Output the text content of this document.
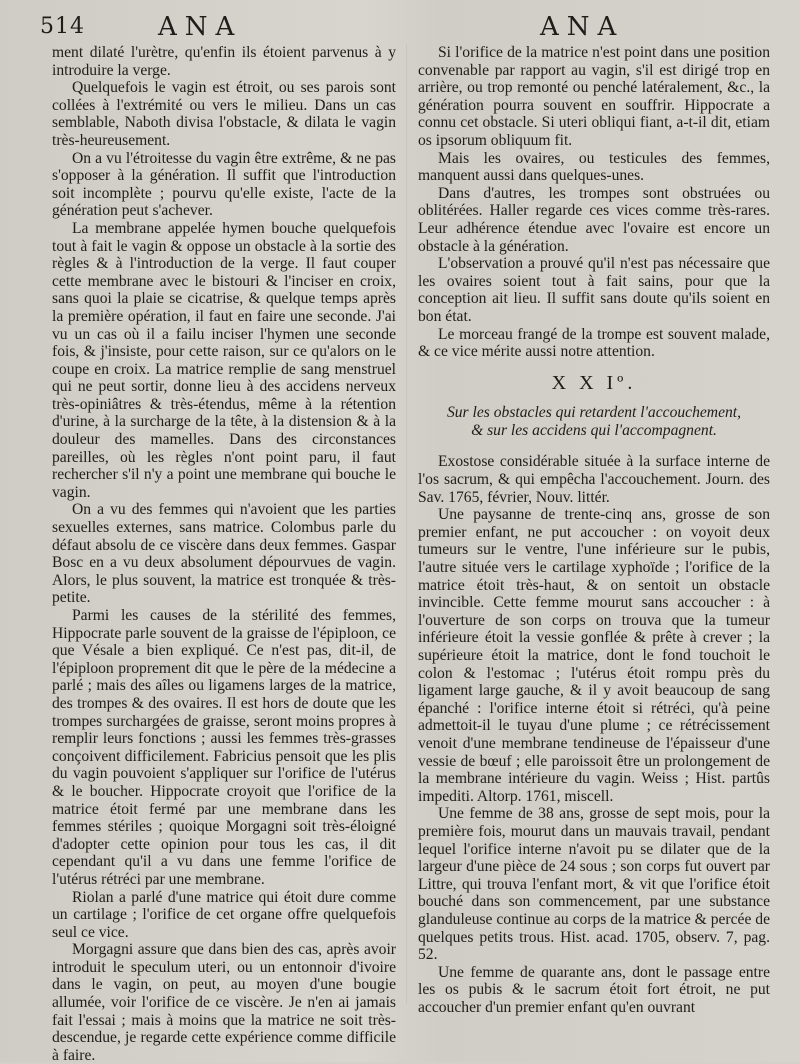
514	ANA	ANA

ment dilaté l'urètre, qu'enfin ils étoient parvenus à y introduire la verge.

Quelquefois le vagin est étroit, ou ses parois sont collées à l'extrémité ou vers le milieu. Dans un cas semblable, Naboth divisa l'obstacle, & dilata le vagin très-heureusement.

On a vu l'étroitesse du vagin être extrême, & ne pas s'opposer à la génération. Il suffit que l'introduction soit incomplète ; pourvu qu'elle existe, l'acte de la génération peut s'achever.

La membrane appelée hymen bouche quelquefois tout à fait le vagin & oppose un obstacle à la sortie des règles & à l'introduction de la verge. Il faut couper cette membrane avec le bistouri & l'inciser en croix, sans quoi la plaie se cicatrise, & quelque temps après la première opération, il faut en faire une seconde. J'ai vu un cas où il a failu inciser l'hymen une seconde fois, & j'insiste, pour cette raison, sur ce qu'alors on le coupe en croix. La matrice remplie de sang menstruel qui ne peut sortir, donne lieu à des accidens nerveux très-opiniâtres & très-étendus, même à la rétention d'urine, à la surcharge de la tête, à la distension & à la douleur des mamelles. Dans des circonstances pareilles, où les règles n'ont point paru, il faut rechercher s'il n'y a point une membrane qui bouche le vagin.

On a vu des femmes qui n'avoient que les parties sexuelles externes, sans matrice. Colombus parle du défaut absolu de ce viscère dans deux femmes. Gaspar Bosc en a vu deux absolument dépourvues de vagin. Alors, le plus souvent, la matrice est tronquée & très-petite.

Parmi les causes de la stérilité des femmes, Hippocrate parle souvent de la graisse de l'épiploon, ce que Vésale a bien expliqué. Ce n'est pas, dit-il, de l'épiploon proprement dit que le père de la médecine a parlé ; mais des aîles ou ligamens larges de la matrice, des trompes & des ovaires. Il est hors de doute que les trompes surchargées de graisse, seront moins propres à remplir leurs fonctions ; aussi les femmes très-grasses conçoivent difficilement. Fabricius pensoit que les plis du vagin pouvoient s'appliquer sur l'orifice de l'utérus & le boucher. Hippocrate croyoit que l'orifice de la matrice étoit fermé par une membrane dans les femmes stériles ; quoique Morgagni soit très-éloigné d'adopter cette opinion pour tous les cas, il dit cependant qu'il a vu dans une femme l'orifice de l'utérus rétréci par une membrane.

Riolan a parlé d'une matrice qui étoit dure comme un cartilage ; l'orifice de cet organe offre quelquefois seul ce vice.

Morgagni assure que dans bien des cas, après avoir introduit le speculum uteri, ou un entonnoir d'ivoire dans le vagin, on peut, au moyen d'une bougie allumée, voir l'orifice de ce viscère. Je n'en ai jamais fait l'essai ; mais à moins que la matrice ne soit très-descendue, je regarde cette expérience comme difficile à faire.

Si l'orifice de la matrice n'est point dans une position convenable par rapport au vagin, s'il est dirigé trop en arrière, ou trop remonté ou penché latéralement, &c., la génération pourra souvent en souffrir. Hippocrate a connu cet obstacle. Si uteri obliqui fiant, a-t-il dit, etiam os ipsorum obliquum fit.

Mais les ovaires, ou testicules des femmes, manquent aussi dans quelques-unes.

Dans d'autres, les trompes sont obstruées ou oblitérées. Haller regarde ces vices comme très-rares. Leur adhérence étendue avec l'ovaire est encore un obstacle à la génération.

L'observation a prouvé qu'il n'est pas nécessaire que les ovaires soient tout à fait sains, pour que la conception ait lieu. Il suffit sans doute qu'ils soient en bon état.

Le morceau frangé de la trompe est souvent malade, & ce vice mérite aussi notre attention.

X X Iº.
Sur les obstacles qui retardent l'accouchement,
& sur les accidens qui l'accompagnent.

Exostose considérable située à la surface interne de l'os sacrum, & qui empêcha l'accouchement. Journ. des Sav. 1765, février, Nouv. littér.

Une paysanne de trente-cinq ans, grosse de son premier enfant, ne put accoucher : on voyoit deux tumeurs sur le ventre, l'une inférieure sur le pubis, l'autre située vers le cartilage xyphoïde ; l'orifice de la matrice étoit très-haut, & on sentoit un obstacle invincible. Cette femme mourut sans accoucher : à l'ouverture de son corps on trouva que la tumeur inférieure étoit la vessie gonflée & prête à crever ; la supérieure étoit la matrice, dont le fond touchoit le colon & l'estomac ; l'utérus étoit rompu près du ligament large gauche, & il y avoit beaucoup de sang épanché : l'orifice interne étoit si rétréci, qu'à peine admettoit-il le tuyau d'une plume ; ce rétrécissement venoit d'une membrane tendineuse de l'épaisseur d'une vessie de bœuf ; elle paroissoit être un prolongement de la membrane intérieure du vagin. Weiss ; Hist. partûs impediti. Altorp. 1761, miscell.

Une femme de 38 ans, grosse de sept mois, pour la première fois, mourut dans un mauvais travail, pendant lequel l'orifice interne n'avoit pu se dilater que de la largeur d'une pièce de 24 sous ; son corps fut ouvert par Littre, qui trouva l'enfant mort, & vit que l'orifice étoit bouché dans son commencement, par une substance glanduleuse continue au corps de la matrice & percée de quelques petits trous. Hist. acad. 1705, observ. 7, pag. 52.

Une femme de quarante ans, dont le passage entre les os pubis & le sacrum étoit fort étroit, ne put accoucher d'un premier enfant qu'en ouvrant
